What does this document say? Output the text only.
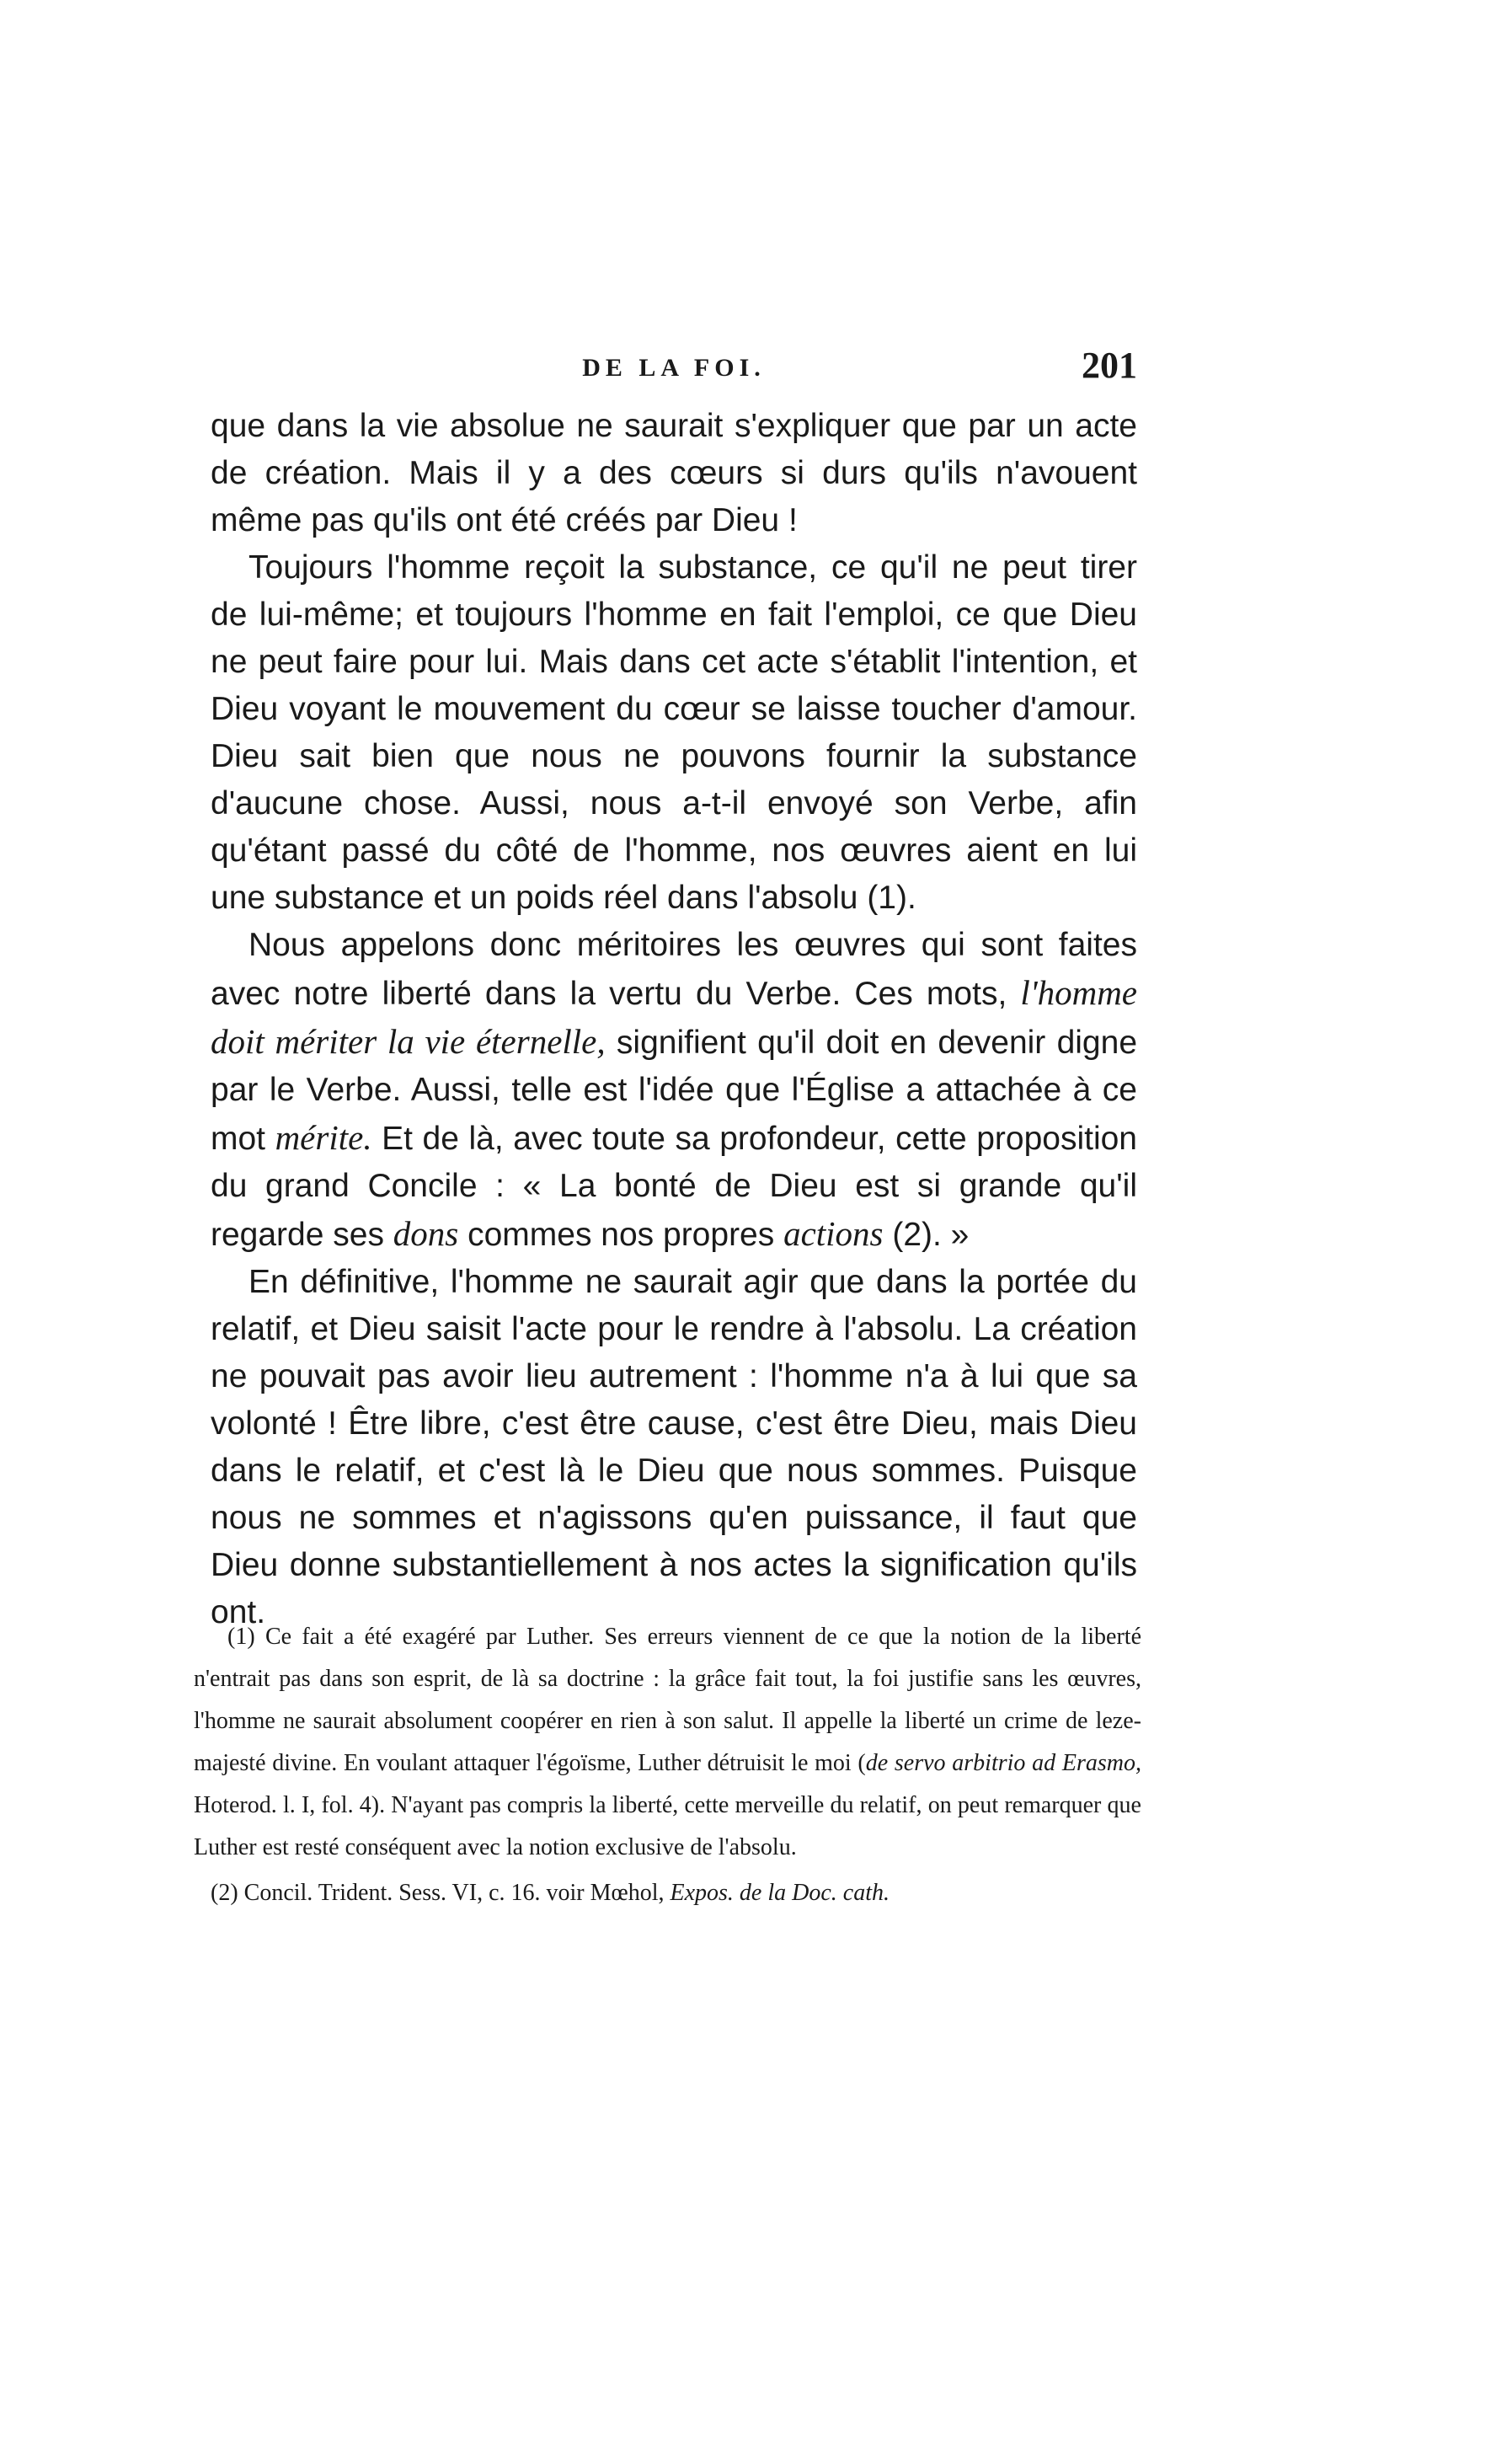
DE LA FOI.	201

que dans la vie absolue ne saurait s'expliquer que par un acte de création. Mais il y a des cœurs si durs qu'ils n'avouent même pas qu'ils ont été créés par Dieu !

Toujours l'homme reçoit la substance, ce qu'il ne peut tirer de lui-même; et toujours l'homme en fait l'emploi, ce que Dieu ne peut faire pour lui. Mais dans cet acte s'établit l'intention, et Dieu voyant le mouvement du cœur se laisse toucher d'amour. Dieu sait bien que nous ne pouvons fournir la substance d'aucune chose. Aussi, nous a-t-il envoyé son Verbe, afin qu'étant passé du côté de l'homme, nos œuvres aient en lui une substance et un poids réel dans l'absolu (1).

Nous appelons donc méritoires les œuvres qui sont faites avec notre liberté dans la vertu du Verbe. Ces mots, l'homme doit mériter la vie éternelle, signifient qu'il doit en devenir digne par le Verbe. Aussi, telle est l'idée que l'Église a attachée à ce mot mérite. Et de là, avec toute sa profondeur, cette proposition du grand Concile : « La bonté de Dieu est si grande qu'il regarde ses dons commes nos propres actions (2). »

En définitive, l'homme ne saurait agir que dans la portée du relatif, et Dieu saisit l'acte pour le rendre à l'absolu. La création ne pouvait pas avoir lieu autrement : l'homme n'a à lui que sa volonté ! Être libre, c'est être cause, c'est être Dieu, mais Dieu dans le relatif, et c'est là le Dieu que nous sommes. Puisque nous ne sommes et n'agissons qu'en puissance, il faut que Dieu donne substantiellement à nos actes la signification qu'ils ont.

(1) Ce fait a été exagéré par Luther. Ses erreurs viennent de ce que la notion de la liberté n'entrait pas dans son esprit, de là sa doctrine : la grâce fait tout, la foi justifie sans les œuvres, l'homme ne saurait absolument coopérer en rien à son salut. Il appelle la liberté un crime de leze-majesté divine. En voulant attaquer l'égoïsme, Luther détruisit le moi (de servo arbitrio ad Erasmo, Hoterod. l. I, fol. 4). N'ayant pas compris la liberté, cette merveille du relatif, on peut remarquer que Luther est resté conséquent avec la notion exclusive de l'absolu.

(2) Concil. Trident. Sess. VI, c. 16. voir Mœhol, Expos. de la Doc. cath.
